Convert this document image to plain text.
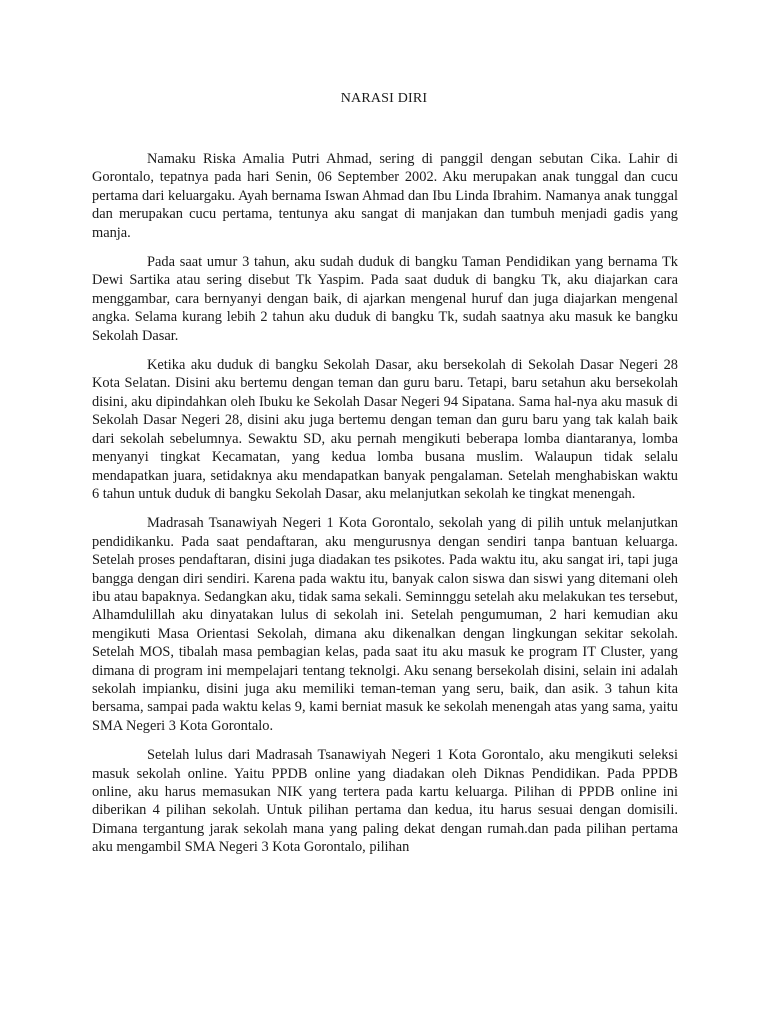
NARASI DIRI

Namaku Riska Amalia Putri Ahmad, sering di panggil dengan sebutan Cika. Lahir di Gorontalo, tepatnya pada hari Senin, 06 September 2002. Aku merupakan anak tunggal dan cucu pertama dari keluargaku. Ayah bernama Iswan Ahmad dan Ibu Linda Ibrahim. Namanya anak tunggal dan merupakan cucu pertama, tentunya aku sangat di manjakan dan tumbuh menjadi gadis yang manja.

Pada saat umur 3 tahun, aku sudah duduk di bangku Taman Pendidikan yang bernama Tk Dewi Sartika atau sering disebut Tk Yaspim. Pada saat duduk di bangku Tk, aku diajarkan cara menggambar, cara bernyanyi dengan baik, di ajarkan mengenal huruf dan juga diajarkan mengenal angka. Selama kurang lebih 2 tahun aku duduk di bangku Tk, sudah saatnya aku masuk ke bangku Sekolah Dasar.

Ketika aku duduk di bangku Sekolah Dasar, aku bersekolah di Sekolah Dasar Negeri 28 Kota Selatan. Disini aku bertemu dengan teman dan guru baru. Tetapi, baru setahun aku bersekolah disini, aku dipindahkan oleh Ibuku ke Sekolah Dasar Negeri 94 Sipatana. Sama hal-nya aku masuk di Sekolah Dasar Negeri 28, disini aku juga bertemu dengan teman dan guru baru yang tak kalah baik dari sekolah sebelumnya. Sewaktu SD, aku pernah mengikuti beberapa lomba diantaranya, lomba menyanyi tingkat Kecamatan, yang kedua lomba busana muslim. Walaupun tidak selalu mendapatkan juara, setidaknya aku mendapatkan banyak pengalaman. Setelah menghabiskan waktu 6 tahun untuk duduk di bangku Sekolah Dasar, aku melanjutkan sekolah ke tingkat menengah.

Madrasah Tsanawiyah Negeri 1 Kota Gorontalo, sekolah yang di pilih untuk melanjutkan pendidikanku. Pada saat pendaftaran, aku mengurusnya dengan sendiri tanpa bantuan keluarga. Setelah proses pendaftaran, disini juga diadakan tes psikotes. Pada waktu itu, aku sangat iri, tapi juga bangga dengan diri sendiri. Karena pada waktu itu, banyak calon siswa dan siswi yang ditemani oleh ibu atau bapaknya. Sedangkan aku, tidak sama sekali. Seminnggu setelah aku melakukan tes tersebut, Alhamdulillah aku dinyatakan lulus di sekolah ini. Setelah pengumuman, 2 hari kemudian aku mengikuti Masa Orientasi Sekolah, dimana aku dikenalkan dengan lingkungan sekitar sekolah. Setelah MOS, tibalah masa pembagian kelas, pada saat itu aku masuk ke program IT Cluster, yang dimana di program ini mempelajari tentang teknolgi. Aku senang bersekolah disini, selain ini adalah sekolah impianku, disini juga aku memiliki teman-teman yang seru, baik, dan asik. 3 tahun kita bersama, sampai pada waktu kelas 9, kami berniat masuk ke sekolah menengah atas yang sama, yaitu SMA Negeri 3 Kota Gorontalo.

Setelah lulus dari Madrasah Tsanawiyah Negeri 1 Kota Gorontalo, aku mengikuti seleksi masuk sekolah online. Yaitu PPDB online yang diadakan oleh Diknas Pendidikan. Pada PPDB online, aku harus memasukan NIK yang tertera pada kartu keluarga. Pilihan di PPDB online ini diberikan 4 pilihan sekolah. Untuk pilihan pertama dan kedua, itu harus sesuai dengan domisili. Dimana tergantung jarak sekolah mana yang paling dekat dengan rumah.dan pada pilihan pertama aku mengambil SMA Negeri 3 Kota Gorontalo, pilihan
